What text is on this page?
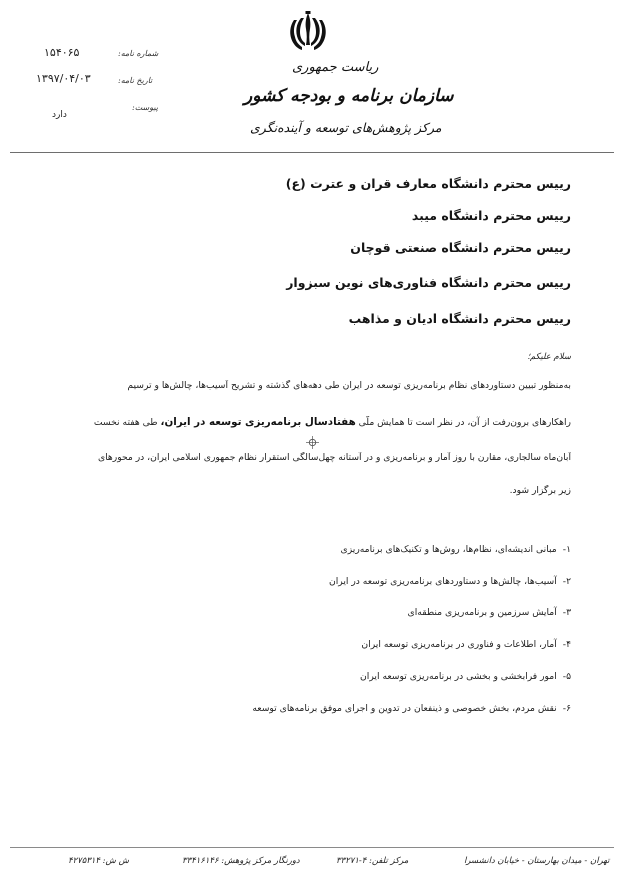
ریاست جمهوری
سازمان برنامه و بودجه کشور
مرکز پژوهش‌های توسعه و آینده‌نگری
شماره نامه:
۱۵۴۰۶۵
تاریخ نامه:
۱۳۹۷/۰۴/۰۳
پیوست:
دارد
رییس محترم دانشگاه معارف قران و عترت (ع)
رییس محترم دانشگاه میبد
رییس محترم دانشگاه صنعتی قوچان
رییس محترم دانشگاه فناوری‌های نوین سبزوار
رییس محترم دانشگاه ادیان و مذاهب
سلام علیکم؛
به‌منظور تبیین دستاوردهای نظام برنامه‌ریزی توسعه در ایران طی دهه‌های گذشته و تشریح آسیب‌ها، چالش‌ها و ترسیم
راهکارهای برون‌رفت از آن، در نظر است تا همایش ملّی هفتادسال برنامه‌ریزی توسعه در ایران، طی هفته نخست
آبان‌ماه سالجاری، مقارن با روز آمار و برنامه‌ریزی و در آستانه چهل‌سالگی استقرار نظام جمهوری اسلامی ایران، در محورهای
زیر برگزار شود.
۱-مبانی اندیشه‌ای، نظام‌ها، روش‌ها و تکنیک‌های برنامه‌ریزی
۲-آسیب‌ها، چالش‌ها و دستاوردهای برنامه‌ریزی توسعه در ایران
۳-آمایش سرزمین و برنامه‌ریزی منطقه‌ای
۴-آمار، اطلاعات و فناوری در برنامه‌ریزی توسعه ایران
۵-امور فرابخشی و بخشی در برنامه‌ریزی توسعه ایران
۶-نقش مردم، بخش خصوصی و ذینفعان در تدوین و اجرای موفق برنامه‌های توسعه
تهران - میدان بهارستان - خیابان دانشسرا
مرکز تلفن: ۴-۳۳۲۷۱
دورنگار مرکز پژوهش: ۳۳۴۱۶۱۴۶
ش ش: ۴۲۷۵۳۱۴
